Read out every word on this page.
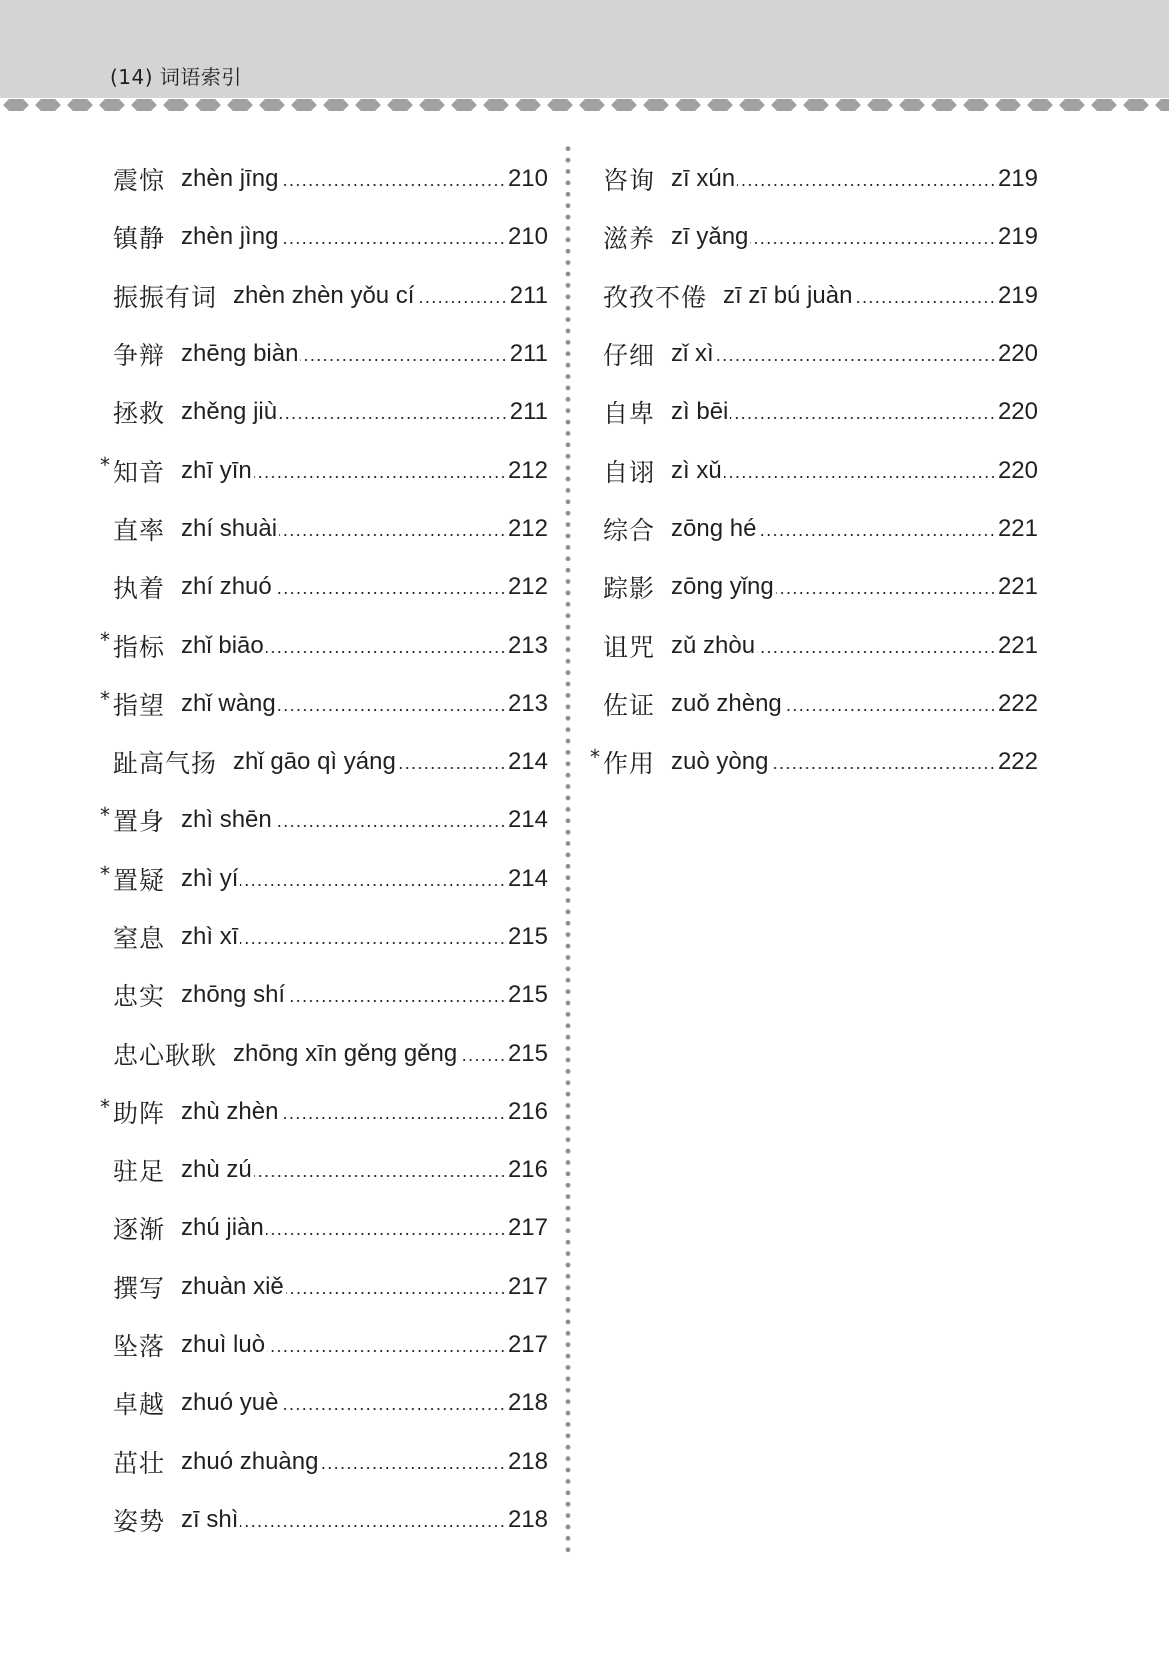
(14) 词语索引
震惊 zhèn jīng	210
镇静 zhèn jìng	210
振振有词 zhèn zhèn yǒu cí	211
争辩 zhēng biàn	211
拯救 zhěng jiù	211
* 知音 zhī yīn	212
直率 zhí shuài	212
执着 zhí zhuó	212
* 指标 zhǐ biāo	213
* 指望 zhǐ wàng	213
趾高气扬 zhǐ gāo qì yáng	214
* 置身 zhì shēn	214
* 置疑 zhì yí	214
窒息 zhì xī	215
忠实 zhōng shí	215
忠心耿耿 zhōng xīn gěng gěng 215
* 助阵 zhù zhèn	216
驻足 zhù zú	216
逐渐 zhú jiàn	217
撰写 zhuàn xiě	217
坠落 zhuì luò	217
卓越 zhuó yuè	218
茁壮 zhuó zhuàng	218
姿势 zī shì	218
咨询 zī xún	219
滋养 zī yǎng	219
孜孜不倦 zī zī bú juàn	219
仔细 zǐ xì	220
自卑 zì bēi	220
自诩 zì xǔ	220
综合 zōng hé	221
踪影 zōng yǐng	221
诅咒 zǔ zhòu	221
佐证 zuǒ zhèng	222
* 作用 zuò yòng	222
